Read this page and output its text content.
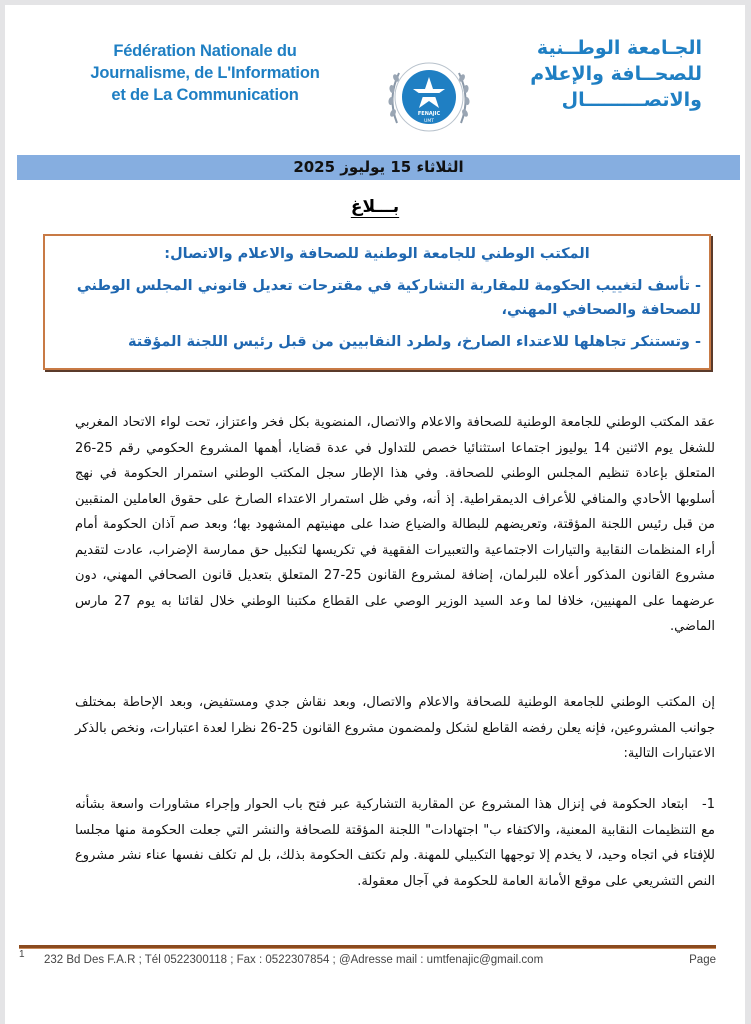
Fédération Nationale du
Journalisme, de L'Information
et de La Communication
FENAJIC
UMT
الجـامعة الوطــنية
للصحــافة والإعلام
والاتصـــــــــال
الثلاثاء 15 يوليوز 2025
بـــلاغ
المكتب الوطني للجامعة الوطنية للصحافة والاعلام والاتصال:
- تأسف لتغييب الحكومة للمقاربة التشاركية في مقترحات تعديل قانوني المجلس الوطني للصحافة والصحافي المهني،
- وتستنكر تجاهلها للاعتداء الصارخ، ولطرد النقابيين من قبل رئيس اللجنة المؤقتة

عقد المكتب الوطني للجامعة الوطنية للصحافة والاعلام والاتصال، المنضوية بكل فخر واعتزاز، تحت لواء الاتحاد المغربي للشغل يوم الاثنين 14 يوليوز اجتماعا استثنائيا خصص للتداول في عدة قضايا، أهمها المشروع الحكومي رقم 25-26 المتعلق بإعادة تنظيم المجلس الوطني للصحافة. وفي هذا الإطار سجل المكتب الوطني استمرار الحكومة في نهج أسلوبها الأحادي والمنافي للأعراف الديمقراطية. إذ أنه، وفي ظل استمرار الاعتداء الصارخ على حقوق العاملين المنقبين من قبل رئيس اللجنة المؤقتة، وتعريضهم للبطالة والضياع ضدا على مهنيتهم المشهود بها؛ وبعد صم آذان الحكومة أمام أراء المنظمات النقابية والتيارات الاجتماعية والتعبيرات الفقهية في تكريسها لتكبيل حق ممارسة الإضراب، عادت لتقديم مشروع القانون المذكور أعلاه للبرلمان، إضافة لمشروع القانون 25-27 المتعلق بتعديل قانون الصحافي المهني، دون عرضهما على المهنيين، خلافا لما وعد السيد الوزير الوصي على القطاع مكتبنا الوطني خلال لقائنا به يوم 27 مارس الماضي.

إن المكتب الوطني للجامعة الوطنية للصحافة والاعلام والاتصال، وبعد نقاش جدي ومستفيض، وبعد الإحاطة بمختلف جوانب المشروعين، فإنه يعلن رفضه القاطع لشكل ولمضمون مشروع القانون 25-26 نظرا لعدة اعتبارات، ونخص بالذكر الاعتبارات التالية:

1-ابتعاد الحكومة في إنزال هذا المشروع عن المقاربة التشاركية عبر فتح باب الحوار وإجراء مشاورات واسعة بشأنه مع التنظيمات النقابية المعنية، والاكتفاء ب" اجتهادات" اللجنة المؤقتة للصحافة والنشر التي جعلت الحكومة منها مجلسا للإفتاء في اتجاه وحيد، لا يخدم إلا توجهها التكبيلي للمهنة. ولم تكتف الحكومة بذلك، بل لم تكلف نفسها عناء نشر مشروع النص التشريعي على موقع الأمانة العامة للحكومة في آجال معقولة.

1 232 Bd Des F.A.R ; Tél 0522300118 ; Fax : 0522307854 ; @Adresse mail : umtfenajic@gmail.com	Page
